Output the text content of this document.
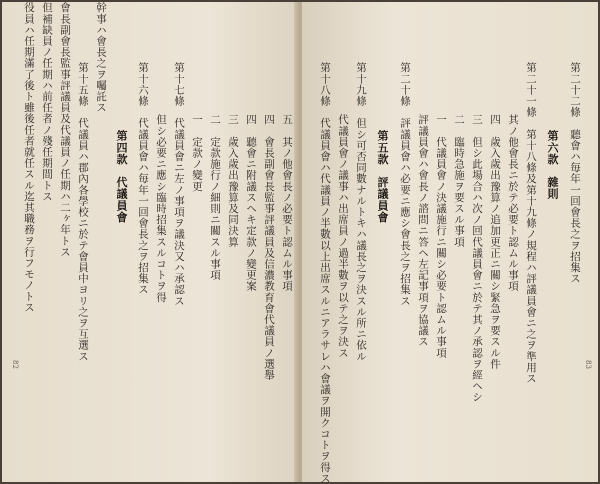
役員ハ任期滿了後ト雖後任者就任スル迄其職務ヲ行フモノトス 但補缺員ノ任期ハ前任者ノ殘任期間トス 會長副會長監事評議員及代議員ノ任期ハ二ヶ年トス 第十五條　代議員ハ郡內各學校ニ於テ會員中ヨリ之ヲ互選ス
幹事ハ會長之ヲ囑託ス
第四款　代議員會 第十六條　代議員會ハ毎年一回會長之ヲ招集ス 但シ必要ニ應シ臨時招集スルコトヲ得 第十七條　代議員會ニ左ノ事項ヲ議決又ハ承認ス 一　定款ノ變更 二　定款施行ノ細則ニ關スル事項 三　歲入歲出豫算及同決算 四　聽會ニ附議スヘキ定款ノ變更案 四　會長副會長監事評議員及信濃教育會代議員ノ選舉 五　其ノ他會長ノ必要ト認ムル事項
82	第十八條　代議員會ハ代議員ノ半數以上出席スルニアラサレハ會議ヲ開クコトヲ得ス 代議員會ノ議事ハ出席員ノ過半數ヲ以テ之ヲ決ス 第十九條　但シ可否同數ナルトキハ議長之ヲ決スル所ニ依ル 第五款　評議員會 第二十條　評議員會ハ必要ニ應シ會長之ヲ招集ス 評議員會ハ會長ノ諮問ニ答ヘ左記事項ヲ協議ス 一　代議員會ノ決議施行ニ關シ必要ト認ムル事項 二　臨時急施ヲ要スル事項 三　但シ此場合ハ次ノ回代議員會ニ於テ其ノ承認ヲ經ヘシ 四　歲入歲出豫算ノ追加更正ニ關シ緊急ヲ要スル件 其ノ他會長ニ於テ必要ト認ムル事項 第二十一條　第十八條及第十九條ノ規程ハ評議員會ニ之ヲ準用ス 第六款　雜則 第二十二條　聽會ハ毎年一回會長之ヲ招集ス
83
